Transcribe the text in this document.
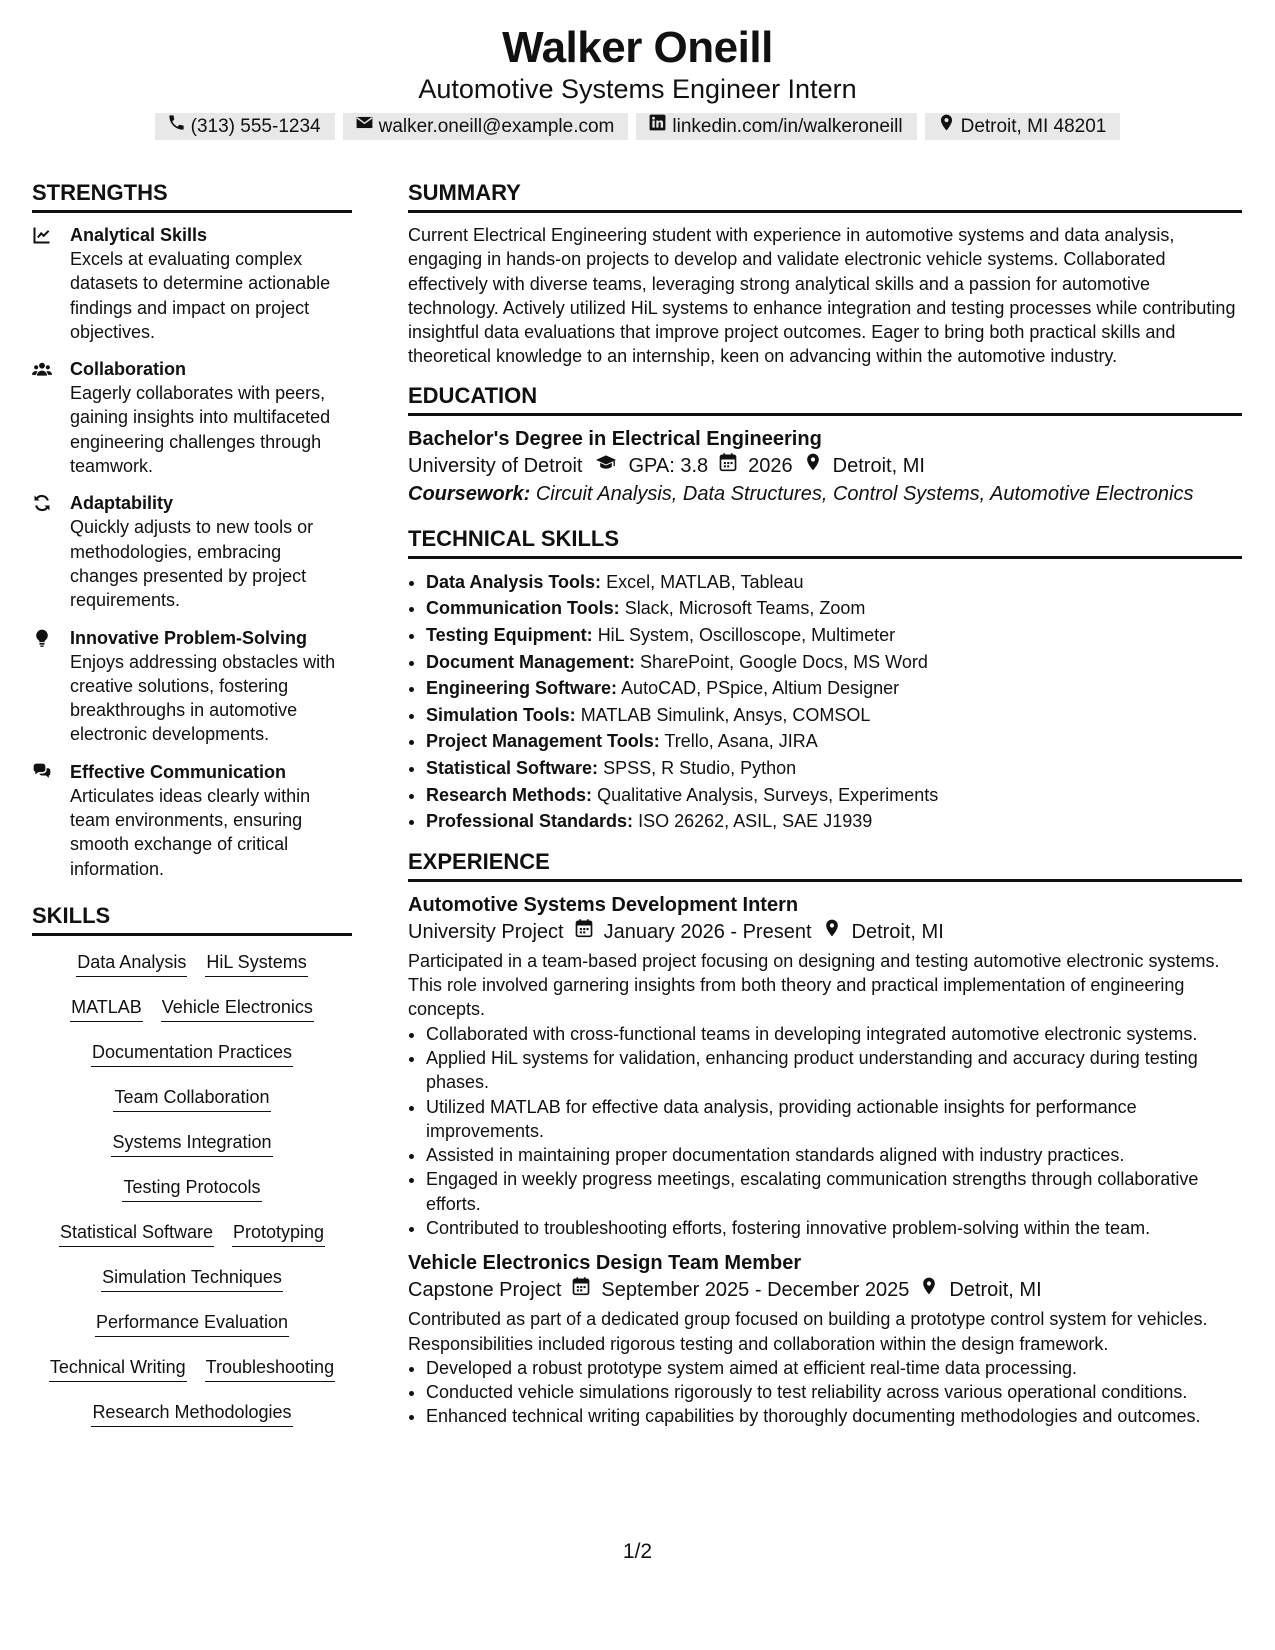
Walker Oneill
Automotive Systems Engineer Intern
(313) 555-1234	walker.oneill@example.com	linkedin.com/in/walkeroneill	Detroit, MI 48201
STRENGTHS
Analytical Skills
Excels at evaluating complex datasets to determine actionable findings and impact on project objectives.
Collaboration
Eagerly collaborates with peers, gaining insights into multifaceted engineering challenges through teamwork.
Adaptability
Quickly adjusts to new tools or methodologies, embracing changes presented by project requirements.
Innovative Problem-Solving
Enjoys addressing obstacles with creative solutions, fostering breakthroughs in automotive electronic developments.
Effective Communication
Articulates ideas clearly within team environments, ensuring smooth exchange of critical information.
SKILLS
Data Analysis HiL Systems
MATLAB Vehicle Electronics
Documentation Practices
Team Collaboration
Systems Integration
Testing Protocols
Statistical Software Prototyping
Simulation Techniques
Performance Evaluation
Technical Writing Troubleshooting
Research Methodologies
SUMMARY
Current Electrical Engineering student with experience in automotive systems and data analysis, engaging in hands-on projects to develop and validate electronic vehicle systems. Collaborated effectively with diverse teams, leveraging strong analytical skills and a passion for automotive technology. Actively utilized HiL systems to enhance integration and testing processes while contributing insightful data evaluations that improve project outcomes. Eager to bring both practical skills and theoretical knowledge to an internship, keen on advancing within the automotive industry.
EDUCATION
Bachelor's Degree in Electrical Engineering
University of Detroit GPA: 3.8 2026 Detroit, MI
Coursework: Circuit Analysis, Data Structures, Control Systems, Automotive Electronics
TECHNICAL SKILLS
• Data Analysis Tools: Excel, MATLAB, Tableau
• Communication Tools: Slack, Microsoft Teams, Zoom
• Testing Equipment: HiL System, Oscilloscope, Multimeter
• Document Management: SharePoint, Google Docs, MS Word
• Engineering Software: AutoCAD, PSpice, Altium Designer
• Simulation Tools: MATLAB Simulink, Ansys, COMSOL
• Project Management Tools: Trello, Asana, JIRA
• Statistical Software: SPSS, R Studio, Python
• Research Methods: Qualitative Analysis, Surveys, Experiments
• Professional Standards: ISO 26262, ASIL, SAE J1939
EXPERIENCE
Automotive Systems Development Intern
University Project January 2026 - Present Detroit, MI
Participated in a team-based project focusing on designing and testing automotive electronic systems. This role involved garnering insights from both theory and practical implementation of engineering concepts.
• Collaborated with cross-functional teams in developing integrated automotive electronic systems.
• Applied HiL systems for validation, enhancing product understanding and accuracy during testing phases.
• Utilized MATLAB for effective data analysis, providing actionable insights for performance improvements.
• Assisted in maintaining proper documentation standards aligned with industry practices.
• Engaged in weekly progress meetings, escalating communication strengths through collaborative efforts.
• Contributed to troubleshooting efforts, fostering innovative problem-solving within the team.
Vehicle Electronics Design Team Member
Capstone Project September 2025 - December 2025 Detroit, MI
Contributed as part of a dedicated group focused on building a prototype control system for vehicles. Responsibilities included rigorous testing and collaboration within the design framework.
• Developed a robust prototype system aimed at efficient real-time data processing.
• Conducted vehicle simulations rigorously to test reliability across various operational conditions.
• Enhanced technical writing capabilities by thoroughly documenting methodologies and outcomes.
1/2
